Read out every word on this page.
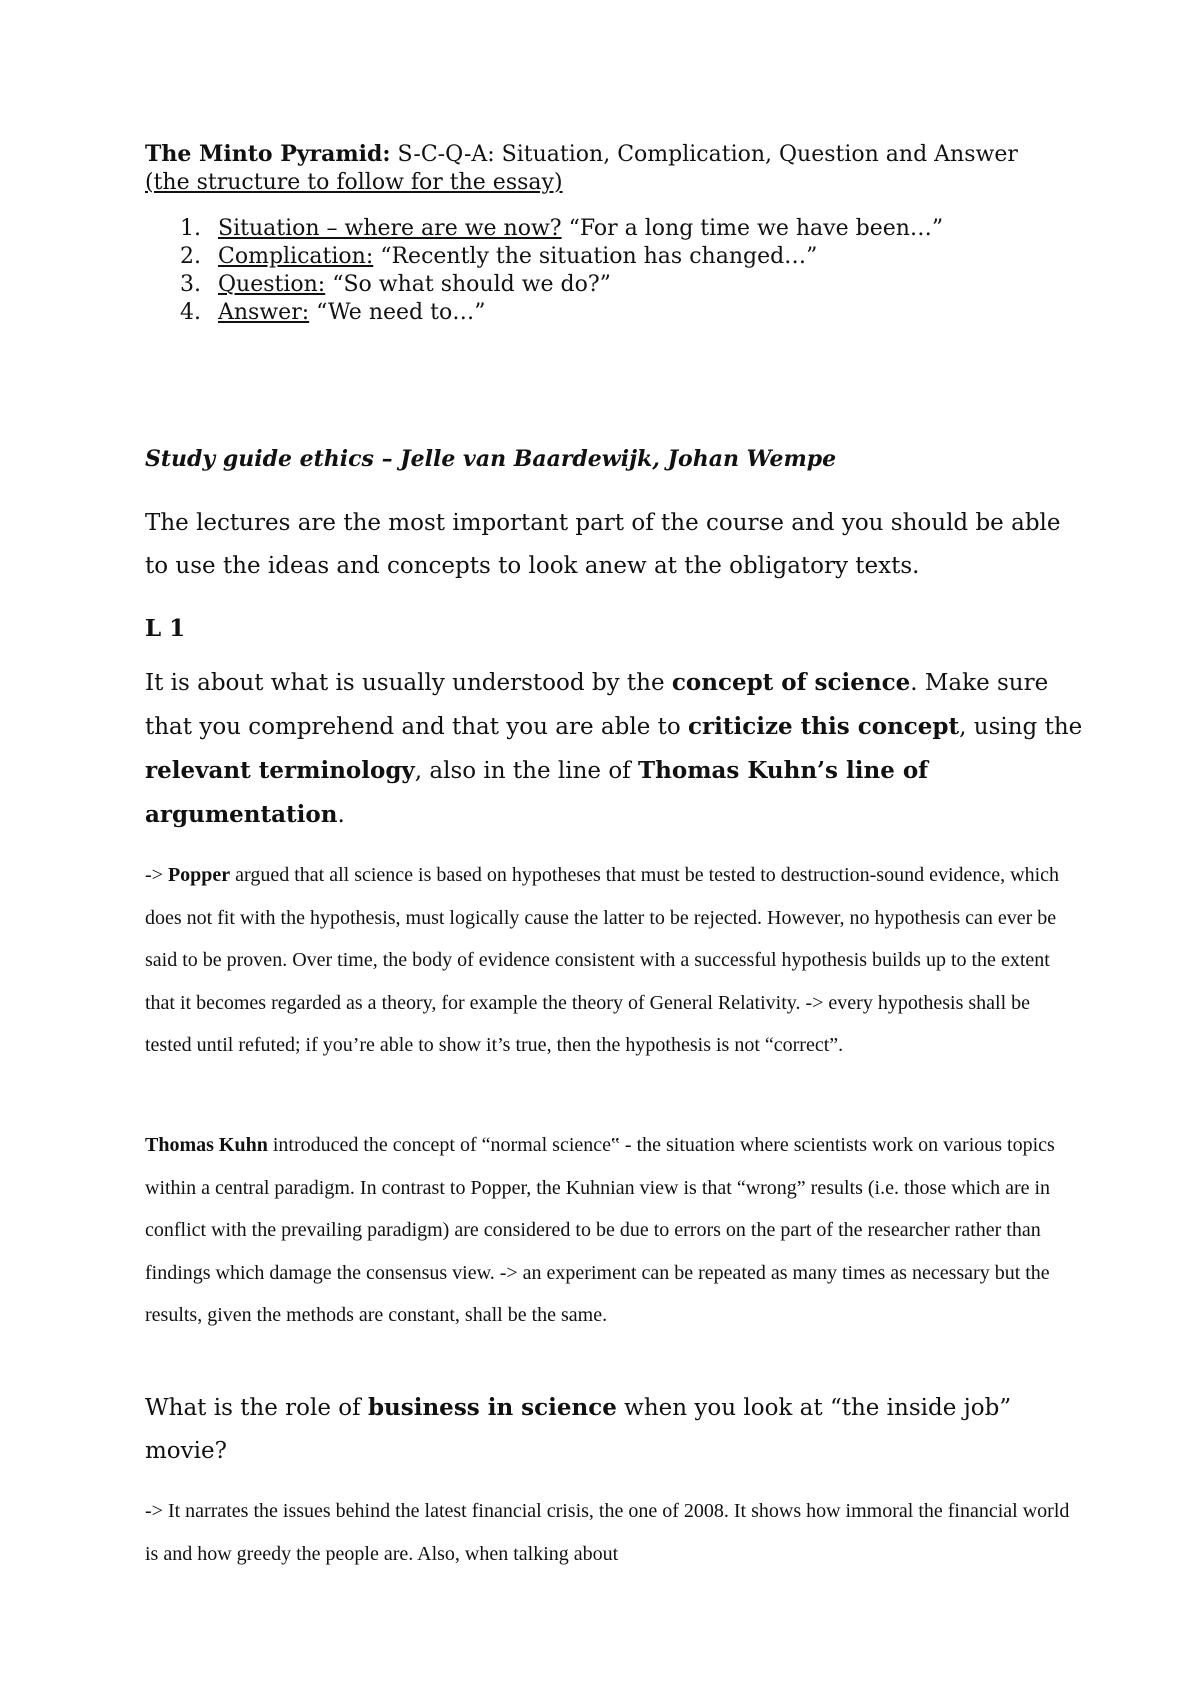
The Minto Pyramid: S-C-Q-A: Situation, Complication, Question and Answer (the structure to follow for the essay)
1. Situation – where are we now? “For a long time we have been…”
2. Complication: “Recently the situation has changed…”
3. Question: “So what should we do?”
4. Answer: “We need to…”
Study guide ethics – Jelle van Baardewijk, Johan Wempe
The lectures are the most important part of the course and you should be able to use the ideas and concepts to look anew at the obligatory texts.
L 1
It is about what is usually understood by the concept of science. Make sure that you comprehend and that you are able to criticize this concept, using the relevant terminology, also in the line of Thomas Kuhn’s line of argumentation.
-> Popper argued that all science is based on hypotheses that must be tested to destruction-sound evidence, which does not fit with the hypothesis, must logically cause the latter to be rejected. However, no hypothesis can ever be said to be proven. Over time, the body of evidence consistent with a successful hypothesis builds up to the extent that it becomes regarded as a theory, for example the theory of General Relativity. -> every hypothesis shall be tested until refuted; if you’re able to show it’s true, then the hypothesis is not “correct”.
Thomas Kuhn introduced the concept of “normal science‟ - the situation where scientists work on various topics within a central paradigm. In contrast to Popper, the Kuhnian view is that “wrong” results (i.e. those which are in conflict with the prevailing paradigm) are considered to be due to errors on the part of the researcher rather than findings which damage the consensus view. -> an experiment can be repeated as many times as necessary but the results, given the methods are constant, shall be the same.
What is the role of business in science when you look at “the inside job” movie?
-> It narrates the issues behind the latest financial crisis, the one of 2008. It shows how immoral the financial world is and how greedy the people are. Also, when talking about
